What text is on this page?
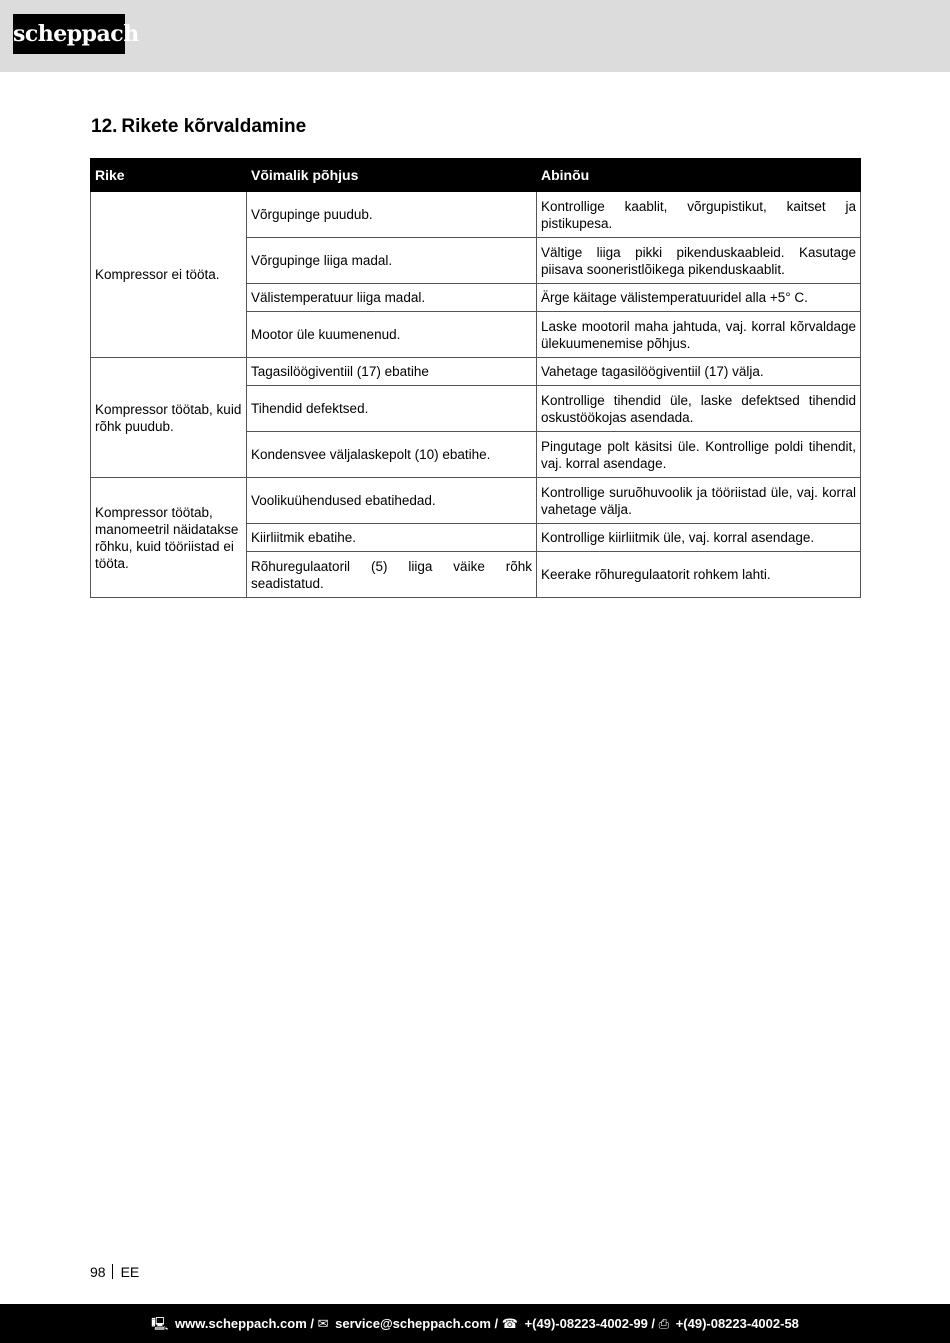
scheppach
12. Rikete kõrvaldamine
Rike	Võimalik põhjus	Abinõu
Kompressor ei tööta.	Võrgupinge puudub.	Kontrollige kaablit, võrgupistikut, kaitset ja pistikupesa.
	Võrgupinge liiga madal.	Vältige liiga pikki pikenduskaableid. Kasutage piisava sooneristlõikega pikenduskaablit.
	Välistemperatuur liiga madal.	Ärge käitage välistemperatuuridel alla +5° C.
	Mootor üle kuumenenud.	Laske mootoril maha jahtuda, vaj. korral kõrvaldage ülekuumenemise põhjus.
Kompressor töötab, kuid rõhk puudub.	Tagasilöögiventiil (17) ebatihe	Vahetage tagasilöögiventiil (17) välja.
	Tihendid defektsed.	Kontrollige tihendid üle, laske defektsed tihendid oskustöökojas asendada.
	Kondensvee väljalaskepolt (10) ebatihe.	Pingutage polt käsitsi üle. Kontrollige poldi tihendit, vaj. korral asendage.
Kompressor töötab, manomeetril näidatakse rõhku, kuid tööriistad ei tööta.	Voolikuühendused ebatihedad.	Kontrollige suruõhuvoolik ja tööriistad üle, vaj. korral vahetage välja.
	Kiirliitmik ebatihe.	Kontrollige kiirliitmik üle, vaj. korral asendage.
	Rõhuregulaatoril (5) liiga väike rõhk seadistatud.	Keerake rõhuregulaatorit rohkem lahti.
98 EE
🖳 www.scheppach.com / ✉ service@scheppach.com / ☎ +(49)-08223-4002-99 / ⎙ +(49)-08223-4002-58
